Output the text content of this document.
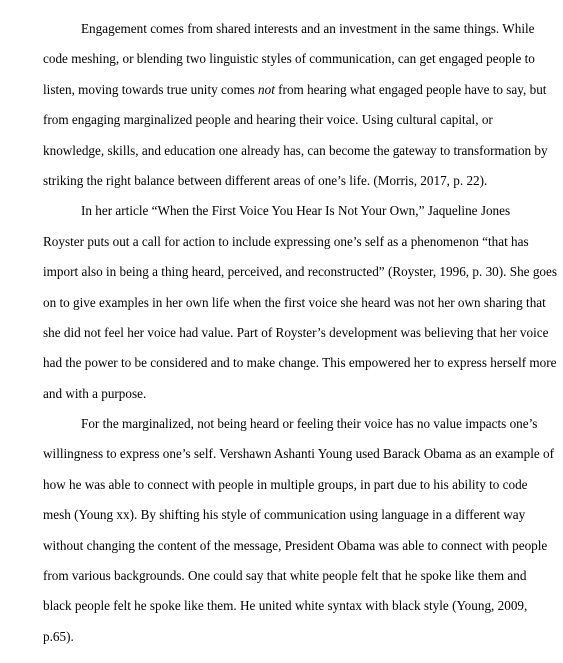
Engagement comes from shared interests and an investment in the same things. While
code meshing, or blending two linguistic styles of communication, can get engaged people to
listen, moving towards true unity comes not from hearing what engaged people have to say, but
from engaging marginalized people and hearing their voice. Using cultural capital, or
knowledge, skills, and education one already has, can become the gateway to transformation by
striking the right balance between different areas of one’s life. (Morris, 2017, p. 22).
In her article “When the First Voice You Hear Is Not Your Own,” Jaqueline Jones
Royster puts out a call for action to include expressing one’s self as a phenomenon “that has
import also in being a thing heard, perceived, and reconstructed” (Royster, 1996, p. 30). She goes
on to give examples in her own life when the first voice she heard was not her own sharing that
she did not feel her voice had value. Part of Royster’s development was believing that her voice
had the power to be considered and to make change. This empowered her to express herself more
and with a purpose.
For the marginalized, not being heard or feeling their voice has no value impacts one’s
willingness to express one’s self. Vershawn Ashanti Young used Barack Obama as an example of
how he was able to connect with people in multiple groups, in part due to his ability to code
mesh (Young xx). By shifting his style of communication using language in a different way
without changing the content of the message, President Obama was able to connect with people
from various backgrounds. One could say that white people felt that he spoke like them and
black people felt he spoke like them. He united white syntax with black style (Young, 2009,
p.65).
